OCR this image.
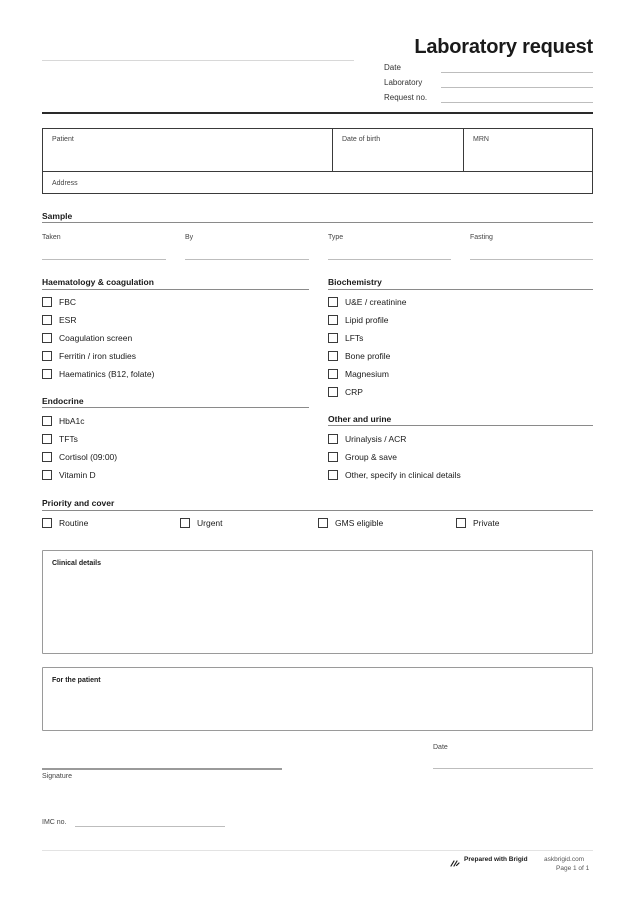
Laboratory request
Date
Laboratory
Request no.
Patient	Date of birth	MRN
Address
Sample
Taken	By	Type	Fasting
Haematology & coagulation
FBC
ESR
Coagulation screen
Ferritin / iron studies
Haematinics (B12, folate)
Endocrine
HbA1c
TFTs
Cortisol (09:00)
Vitamin D
Biochemistry
U&E / creatinine
Lipid profile
LFTs
Bone profile
Magnesium
CRP
Other and urine
Urinalysis / ACR
Group & save
Other, specify in clinical details
Priority and cover
Routine	Urgent	GMS eligible	Private
Clinical details
For the patient
Date
Signature
IMC no.
Prepared with Brigid	askbrigid.com
Page 1 of 1
